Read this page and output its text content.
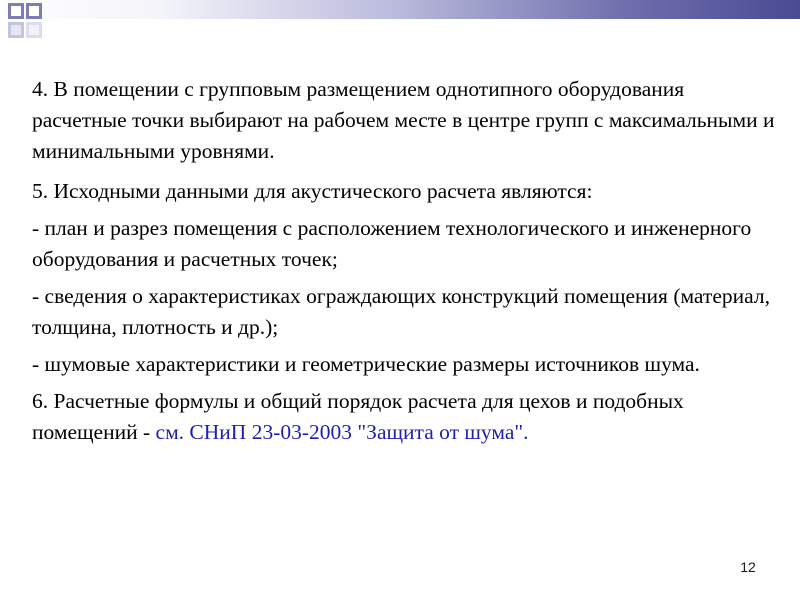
4. В помещении с групповым размещением однотипного оборудования расчетные точки выбирают на рабочем месте в центре групп с максимальными и минимальными уровнями.

5. Исходными данными для акустического расчета являются:

- план и разрез помещения с расположением технологического и инженерного оборудования и расчетных точек;

- сведения о характеристиках ограждающих конструкций помещения (материал, толщина, плотность и др.);

- шумовые характеристики и геометрические размеры источников шума.

6. Расчетные формулы и общий порядок расчета для цехов и подобных помещений - см. СНиП 23-03-2003 "Защита от шума".

12
